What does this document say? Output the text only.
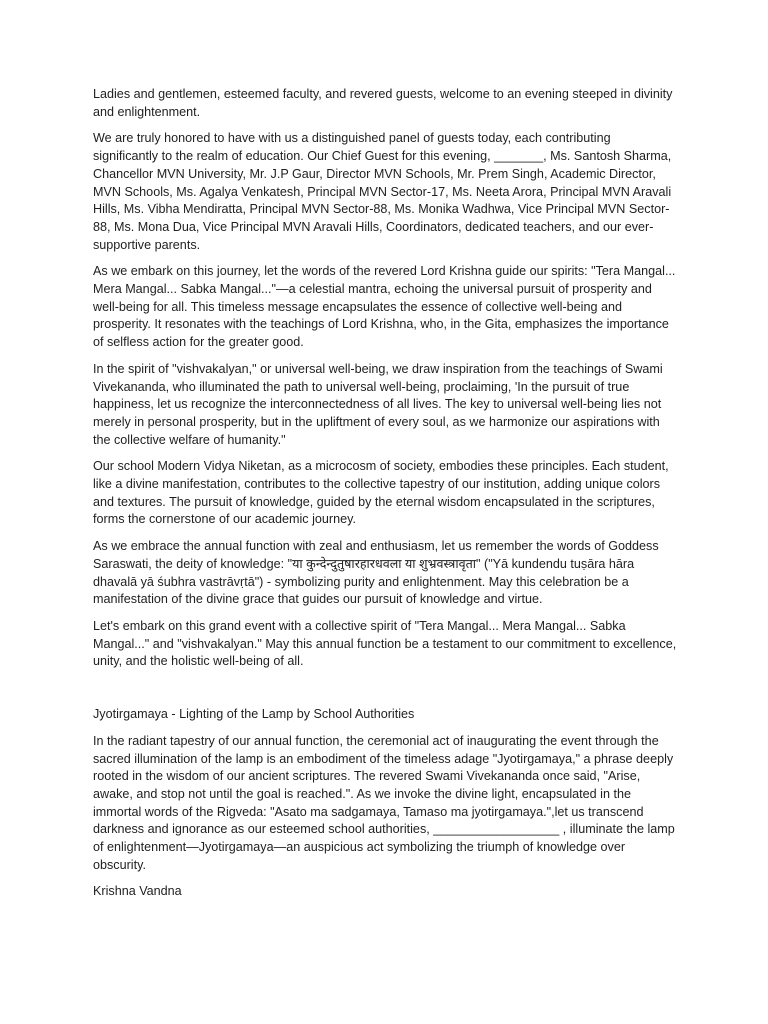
Ladies and gentlemen, esteemed faculty, and revered guests, welcome to an evening steeped in divinity and enlightenment.

We are truly honored to have with us a distinguished panel of guests today, each contributing significantly to the realm of education. Our Chief Guest for this evening, _______, Ms. Santosh Sharma, Chancellor MVN University, Mr. J.P Gaur, Director MVN Schools, Mr. Prem Singh, Academic Director, MVN Schools, Ms. Agalya Venkatesh, Principal MVN Sector-17, Ms. Neeta Arora, Principal MVN Aravali Hills, Ms. Vibha Mendiratta, Principal MVN Sector-88, Ms. Monika Wadhwa, Vice Principal MVN Sector-88, Ms. Mona Dua, Vice Principal MVN Aravali Hills, Coordinators, dedicated teachers, and our ever-supportive parents.

As we embark on this journey, let the words of the revered Lord Krishna guide our spirits: "Tera Mangal... Mera Mangal... Sabka Mangal..."—a celestial mantra, echoing the universal pursuit of prosperity and well-being for all. This timeless message encapsulates the essence of collective well-being and prosperity. It resonates with the teachings of Lord Krishna, who, in the Gita, emphasizes the importance of selfless action for the greater good.

In the spirit of "vishvakalyan," or universal well-being, we draw inspiration from the teachings of Swami Vivekananda, who illuminated the path to universal well-being, proclaiming, 'In the pursuit of true happiness, let us recognize the interconnectedness of all lives. The key to universal well-being lies not merely in personal prosperity, but in the upliftment of every soul, as we harmonize our aspirations with the collective welfare of humanity."

Our school Modern Vidya Niketan, as a microcosm of society, embodies these principles. Each student, like a divine manifestation, contributes to the collective tapestry of our institution, adding unique colors and textures. The pursuit of knowledge, guided by the eternal wisdom encapsulated in the scriptures, forms the cornerstone of our academic journey.

As we embrace the annual function with zeal and enthusiasm, let us remember the words of Goddess Saraswati, the deity of knowledge: "या कुन्देन्दुतुषारहारधवला या शुभ्रवस्त्रावृता" ("Yā kundendu tuṣāra hāra dhavalā yā śubhra vastrāvṛtā") - symbolizing purity and enlightenment. May this celebration be a manifestation of the divine grace that guides our pursuit of knowledge and virtue.

Let's embark on this grand event with a collective spirit of "Tera Mangal... Mera Mangal... Sabka Mangal..." and "vishvakalyan." May this annual function be a testament to our commitment to excellence, unity, and the holistic well-being of all.

Jyotirgamaya - Lighting of the Lamp by School Authorities

In the radiant tapestry of our annual function, the ceremonial act of inaugurating the event through the sacred illumination of the lamp is an embodiment of the timeless adage "Jyotirgamaya," a phrase deeply rooted in the wisdom of our ancient scriptures. The revered Swami Vivekananda once said, "Arise, awake, and stop not until the goal is reached.". As we invoke the divine light, encapsulated in the immortal words of the Rigveda: "Asato ma sadgamaya, Tamaso ma jyotirgamaya.",let us transcend darkness and ignorance as our esteemed school authorities, __________________ , illuminate the lamp of enlightenment—Jyotirgamaya—an auspicious act symbolizing the triumph of knowledge over obscurity.

Krishna Vandna
